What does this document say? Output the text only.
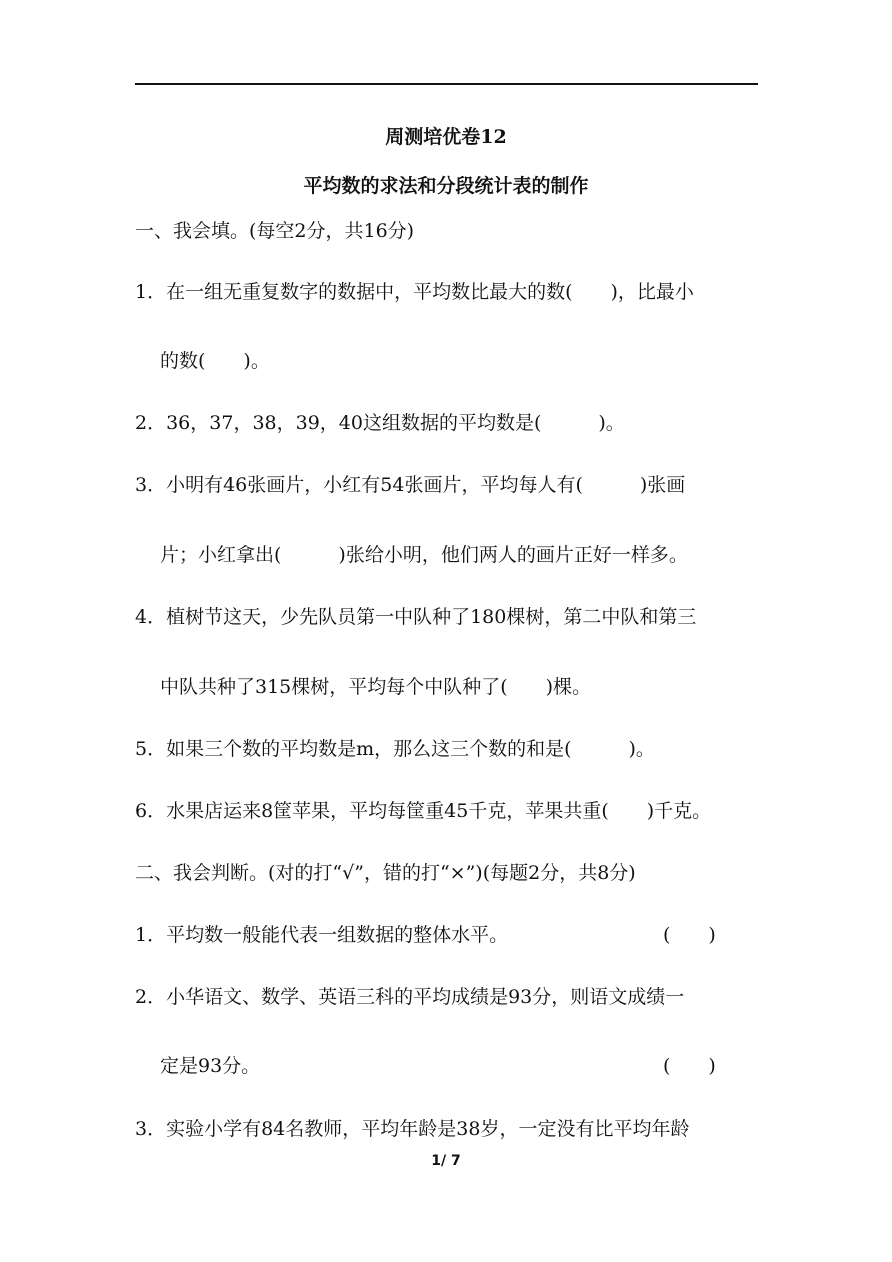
周测培优卷12
平均数的求法和分段统计表的制作
一、我会填。(每空2分，共16分)
1．在一组无重复数字的数据中，平均数比最大的数(　　)，比最小
的数(　　)。
2．36，37，38，39，40这组数据的平均数是(　　　)。
3．小明有46张画片，小红有54张画片，平均每人有(　　　)张画
片；小红拿出(　　　)张给小明，他们两人的画片正好一样多。
4．植树节这天，少先队员第一中队种了180棵树，第二中队和第三
中队共种了315棵树，平均每个中队种了(　　)棵。
5．如果三个数的平均数是m，那么这三个数的和是(　　　)。
6．水果店运来8筐苹果，平均每筐重45千克，苹果共重(　　)千克。
二、我会判断。(对的打“√”，错的打“×”)(每题2分，共8分)
1．平均数一般能代表一组数据的整体水平。	(　　)
2．小华语文、数学、英语三科的平均成绩是93分，则语文成绩一
定是93分。	(　　)
3．实验小学有84名教师，平均年龄是38岁，一定没有比平均年龄
1/ 7
